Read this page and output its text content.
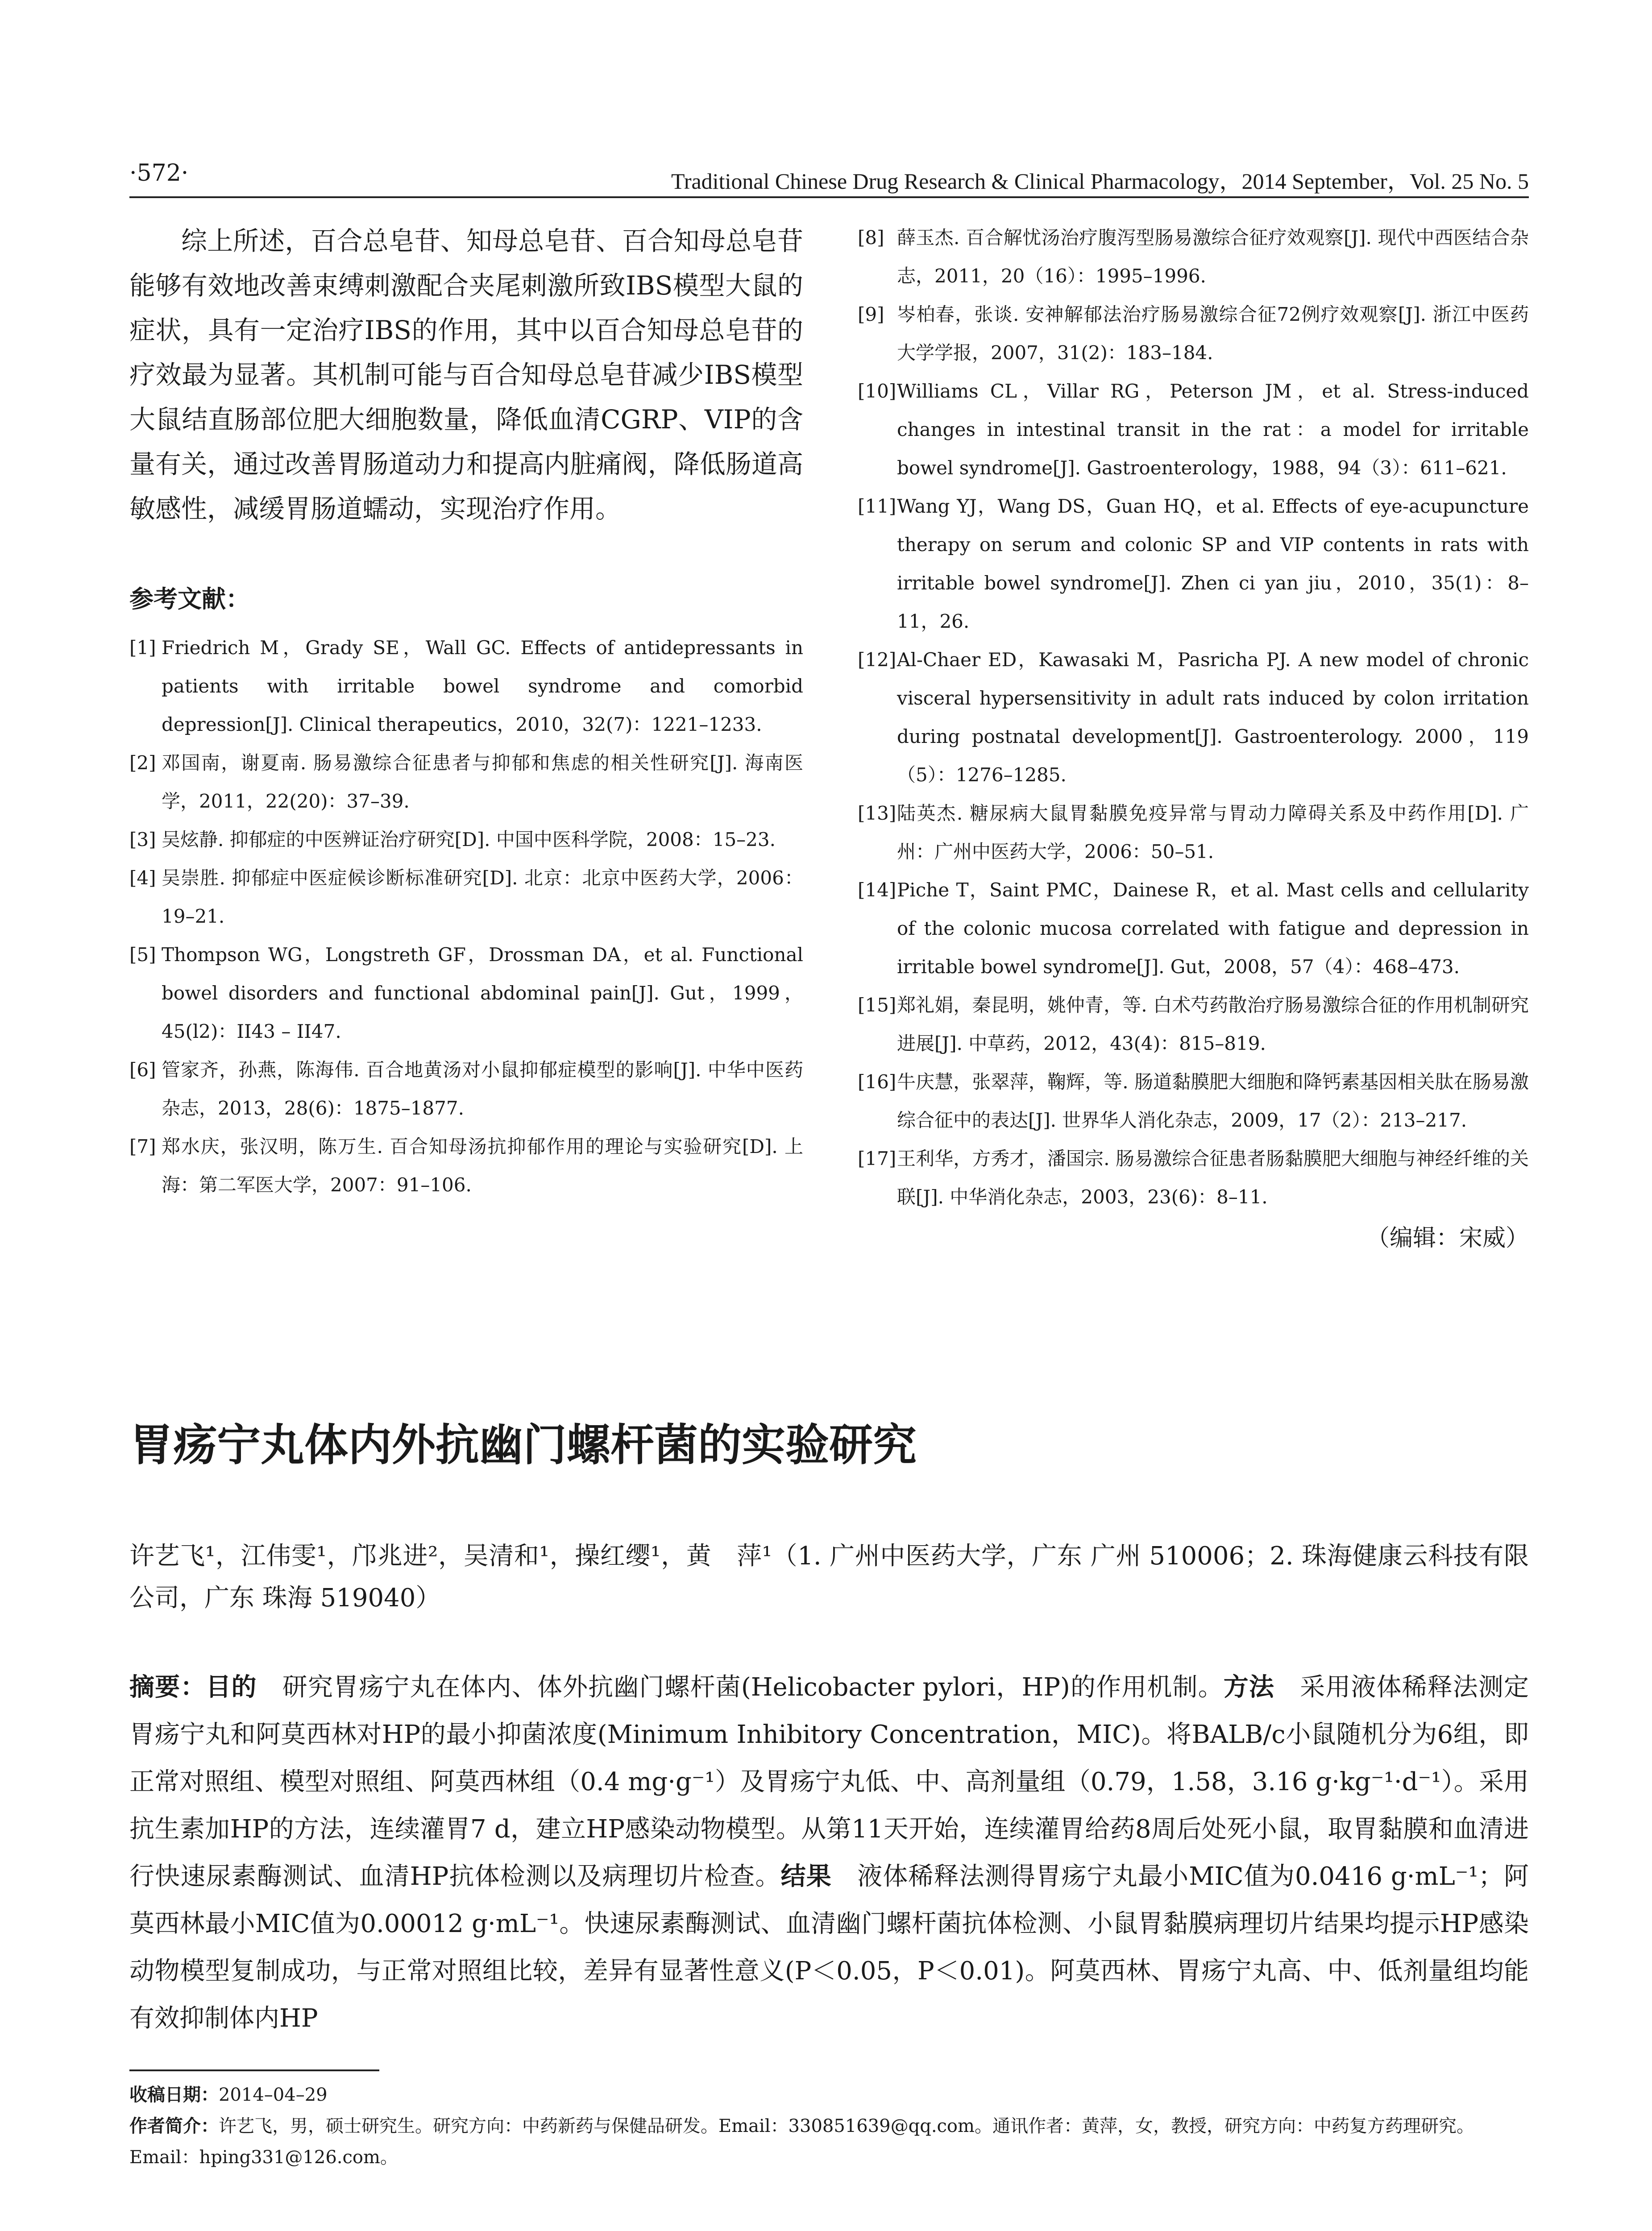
·572·	Traditional Chinese Drug Research & Clinical Pharmacology，2014 September，Vol. 25 No. 5

综上所述，百合总皂苷、知母总皂苷、百合知母总皂苷能够有效地改善束缚刺激配合夹尾刺激所致IBS模型大鼠的症状，具有一定治疗IBS的作用，其中以百合知母总皂苷的疗效最为显著。其机制可能与百合知母总皂苷减少IBS模型大鼠结直肠部位肥大细胞数量，降低血清CGRP、VIP的含量有关，通过改善胃肠道动力和提高内脏痛阀，降低肠道高敏感性，减缓胃肠道蠕动，实现治疗作用。

参考文献：

[1] Friedrich M，Grady SE，Wall GC. Effects of antidepressants in patients with irritable bowel syndrome and comorbid depression[J]. Clinical therapeutics，2010，32(7)：1221–1233.

[2] 邓国南，谢夏南. 肠易激综合征患者与抑郁和焦虑的相关性研究[J]. 海南医学，2011，22(20)：37–39.

[3] 吴炫静. 抑郁症的中医辨证治疗研究[D]. 中国中医科学院，2008：15–23.

[4] 吴崇胜. 抑郁症中医症候诊断标准研究[D]. 北京：北京中医药大学，2006：19–21.

[5] Thompson WG，Longstreth GF，Drossman DA，et al. Functional bowel disorders and functional abdominal pain[J]. Gut，1999，45(l2)：II43 – II47.

[6] 管家齐，孙燕，陈海伟. 百合地黄汤对小鼠抑郁症模型的影响[J]. 中华中医药杂志，2013，28(6)：1875–1877.

[7] 郑水庆，张汉明，陈万生. 百合知母汤抗抑郁作用的理论与实验研究[D]. 上海：第二军医大学，2007：91–106.

[8] 薛玉杰. 百合解忧汤治疗腹泻型肠易激综合征疗效观察[J]. 现代中西医结合杂志，2011，20（16）：1995–1996.

[9] 岑柏春，张谈. 安神解郁法治疗肠易激综合征72例疗效观察[J]. 浙江中医药大学学报，2007，31(2)：183–184.

[10] Williams CL，Villar RG，Peterson JM，et al. Stress-induced changes in intestinal transit in the rat：a model for irritable bowel syndrome[J]. Gastroenterology，1988，94（3）：611–621.

[11] Wang YJ，Wang DS，Guan HQ，et al. Effects of eye-acupuncture therapy on serum and colonic SP and VIP contents in rats with irritable bowel syndrome[J]. Zhen ci yan jiu，2010，35(1)：8–11，26.

[12] Al-Chaer ED，Kawasaki M，Pasricha PJ. A new model of chronic visceral hypersensitivity in adult rats induced by colon irritation during postnatal development[J]. Gastroenterology. 2000，119（5）：1276–1285.

[13] 陆英杰. 糖尿病大鼠胃黏膜免疫异常与胃动力障碍关系及中药作用[D]. 广州：广州中医药大学，2006：50–51.

[14] Piche T，Saint PMC，Dainese R，et al. Mast cells and cellularity of the colonic mucosa correlated with fatigue and depression in irritable bowel syndrome[J]. Gut，2008，57（4）：468–473.

[15] 郑礼娟，秦昆明，姚仲青，等. 白术芍药散治疗肠易激综合征的作用机制研究进展[J]. 中草药，2012，43(4)：815–819.

[16] 牛庆慧，张翠萍，鞠辉，等. 肠道黏膜肥大细胞和降钙素基因相关肽在肠易激综合征中的表达[J]. 世界华人消化杂志，2009，17（2）：213–217.

[17] 王利华，方秀才，潘国宗. 肠易激综合征患者肠黏膜肥大细胞与神经纤维的关联[J]. 中华消化杂志，2003，23(6)：8–11.

（编辑：宋威）
胃疡宁丸体内外抗幽门螺杆菌的实验研究

许艺飞¹，江伟雯¹，邝兆进²，吴清和¹，操红缨¹，黄　萍¹（1. 广州中医药大学，广东 广州 510006；2. 珠海健康云科技有限公司，广东 珠海 519040）

摘要：目的　研究胃疡宁丸在体内、体外抗幽门螺杆菌(Helicobacter pylori，HP)的作用机制。方法　采用液体稀释法测定胃疡宁丸和阿莫西林对HP的最小抑菌浓度(Minimum Inhibitory Concentration，MIC)。将BALB/c小鼠随机分为6组，即正常对照组、模型对照组、阿莫西林组（0.4 mg·g⁻¹）及胃疡宁丸低、中、高剂量组（0.79，1.58，3.16 g·kg⁻¹·d⁻¹）。采用抗生素加HP的方法，连续灌胃7 d，建立HP感染动物模型。从第11天开始，连续灌胃给药8周后处死小鼠，取胃黏膜和血清进行快速尿素酶测试、血清HP抗体检测以及病理切片检查。结果　液体稀释法测得胃疡宁丸最小MIC值为0.0416 g·mL⁻¹；阿莫西林最小MIC值为0.00012 g·mL⁻¹。快速尿素酶测试、血清幽门螺杆菌抗体检测、小鼠胃黏膜病理切片结果均提示HP感染动物模型复制成功，与正常对照组比较，差异有显著性意义(P＜0.05，P＜0.01)。阿莫西林、胃疡宁丸高、中、低剂量组均能有效抑制体内HP

收稿日期：2014–04–29

作者简介：许艺飞，男，硕士研究生。研究方向：中药新药与保健品研发。Email：330851639@qq.com。通讯作者：黄萍，女，教授，研究方向：中药复方药理研究。Email：hping331@126.com。
